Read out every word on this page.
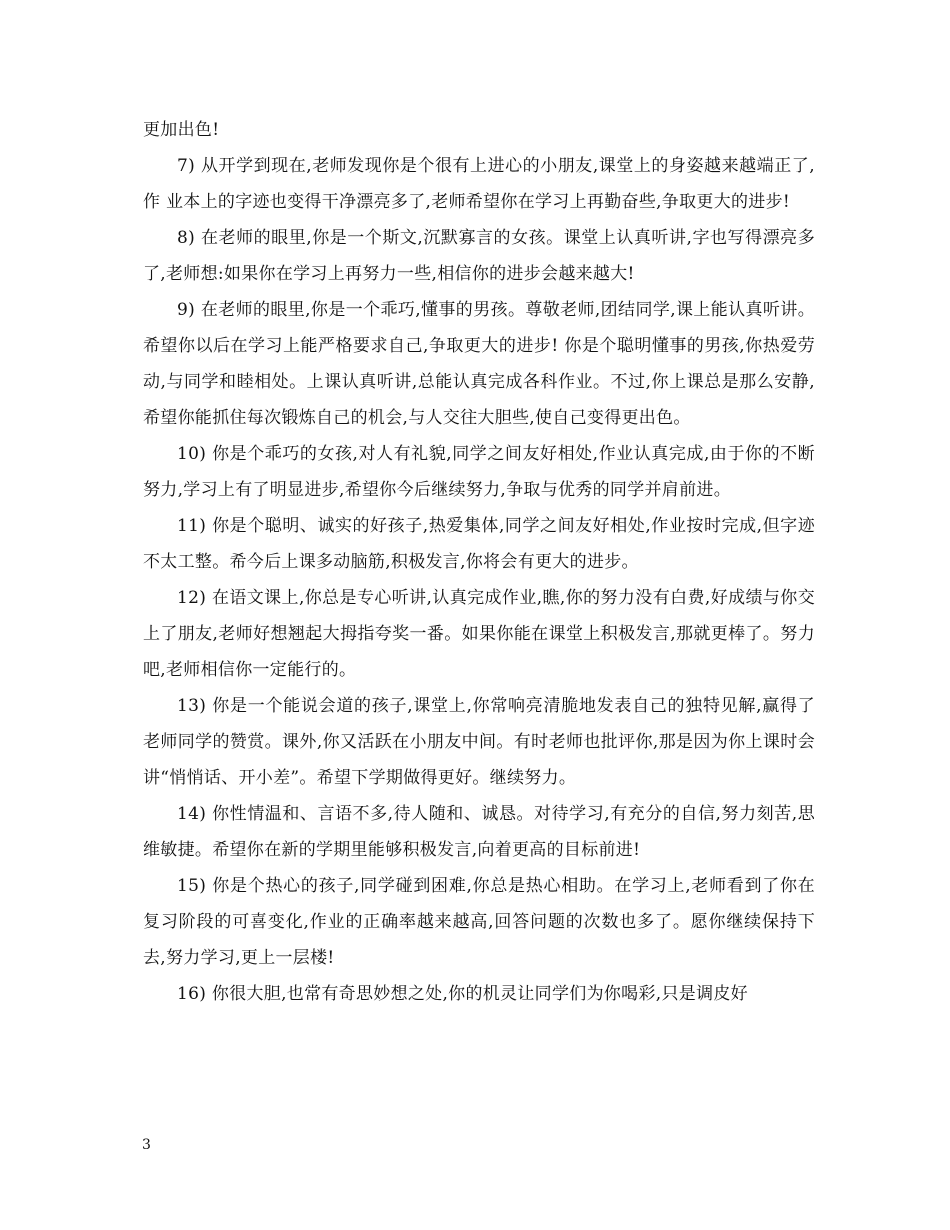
更加出色!

7) 从开学到现在,老师发现你是个很有上进心的小朋友,课堂上的身姿越来越端正了,作 业本上的字迹也变得干净漂亮多了,老师希望你在学习上再勤奋些,争取更大的进步!

8) 在老师的眼里,你是一个斯文,沉默寡言的女孩。课堂上认真听讲,字也写得漂亮多了,老师想:如果你在学习上再努力一些,相信你的进步会越来越大!

9) 在老师的眼里,你是一个乖巧,懂事的男孩。尊敬老师,团结同学,课上能认真听讲。希望你以后在学习上能严格要求自己,争取更大的进步! 你是个聪明懂事的男孩,你热爱劳动,与同学和睦相处。上课认真听讲,总能认真完成各科作业。不过,你上课总是那么安静,希望你能抓住每次锻炼自己的机会,与人交往大胆些,使自己变得更出色。

10) 你是个乖巧的女孩,对人有礼貌,同学之间友好相处,作业认真完成,由于你的不断努力,学习上有了明显进步,希望你今后继续努力,争取与优秀的同学并肩前进。

11) 你是个聪明、诚实的好孩子,热爱集体,同学之间友好相处,作业按时完成,但字迹不太工整。希今后上课多动脑筋,积极发言,你将会有更大的进步。

12) 在语文课上,你总是专心听讲,认真完成作业,瞧,你的努力没有白费,好成绩与你交上了朋友,老师好想翘起大拇指夸奖一番。如果你能在课堂上积极发言,那就更棒了。努力吧,老师相信你一定能行的。

13) 你是一个能说会道的孩子,课堂上,你常响亮清脆地发表自己的独特见解,赢得了老师同学的赞赏。课外,你又活跃在小朋友中间。有时老师也批评你,那是因为你上课时会讲“悄悄话、开小差”。希望下学期做得更好。继续努力。

14) 你性情温和、言语不多,待人随和、诚恳。对待学习,有充分的自信,努力刻苦,思维敏捷。希望你在新的学期里能够积极发言,向着更高的目标前进!

15) 你是个热心的孩子,同学碰到困难,你总是热心相助。在学习上,老师看到了你在复习阶段的可喜变化,作业的正确率越来越高,回答问题的次数也多了。愿你继续保持下去,努力学习,更上一层楼!

16) 你很大胆,也常有奇思妙想之处,你的机灵让同学们为你喝彩,只是调皮好

3
